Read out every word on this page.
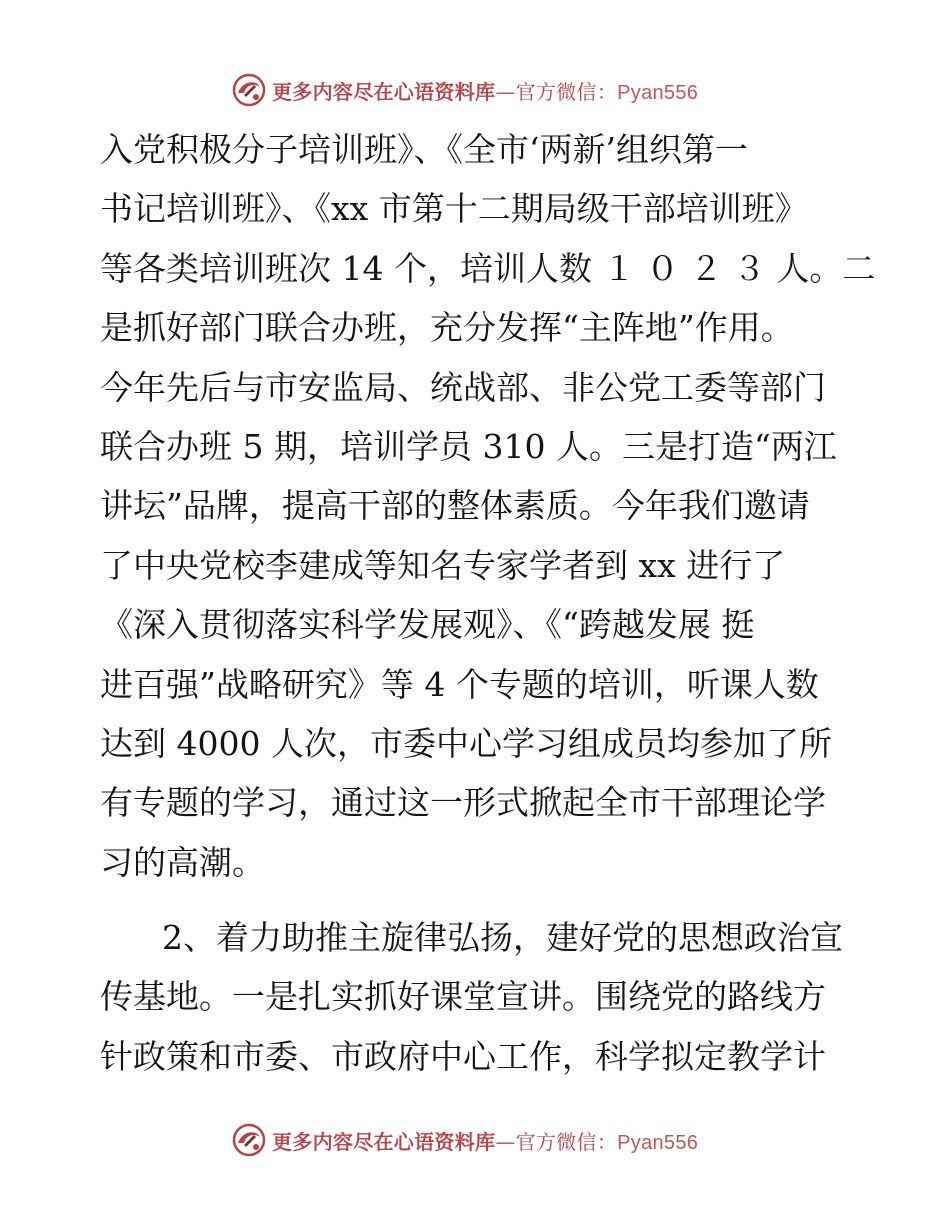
更多内容尽在心语资料库—官方微信：Pyan556
入党积极分子培训班》、《全市‘两新’组织第一
书记培训班》、《xx 市第十二期局级干部培训班》
等各类培训班次 14 个，培训人数 １ ０ ２ ３ 人。二
是抓好部门联合办班，充分发挥“主阵地”作用。
今年先后与市安监局、统战部、非公党工委等部门
联合办班 5 期，培训学员 310 人。三是打造“两江
讲坛”品牌，提高干部的整体素质。今年我们邀请
了中央党校李建成等知名专家学者到 xx 进行了
《深入贯彻落实科学发展观》、《“跨越发展 挺
进百强”战略研究》等 4 个专题的培训，听课人数
达到 4000 人次，市委中心学习组成员均参加了所
有专题的学习，通过这一形式掀起全市干部理论学
习的高潮。
2、着力助推主旋律弘扬，建好党的思想政治宣
传基地。一是扎实抓好课堂宣讲。围绕党的路线方
针政策和市委、市政府中心工作，科学拟定教学计
更多内容尽在心语资料库—官方微信：Pyan556
